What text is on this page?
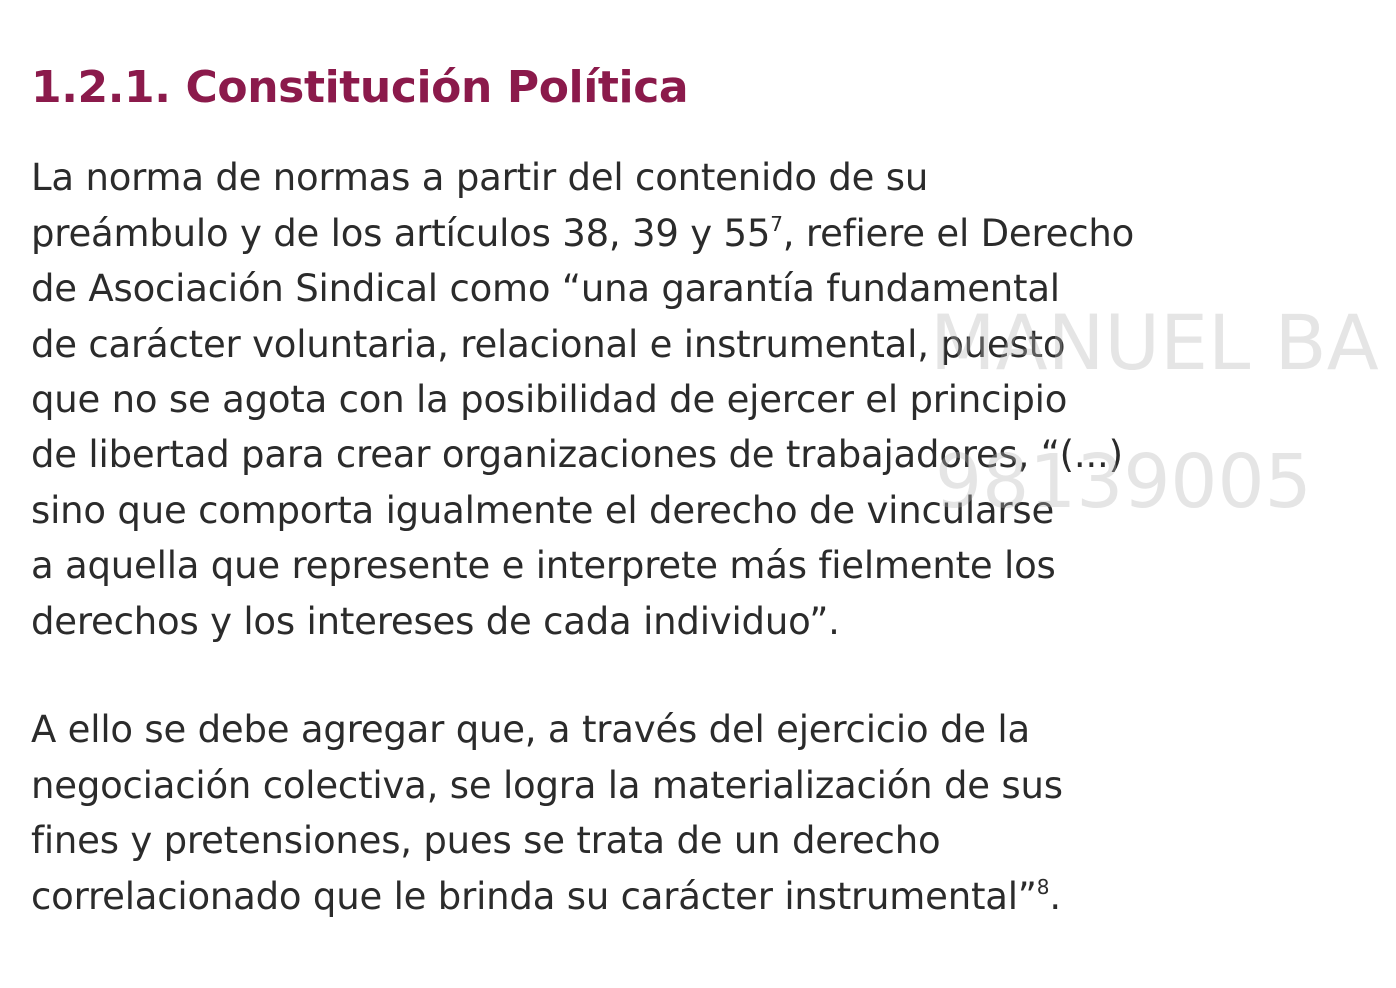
1.2.1. Constitución Política

La norma de normas a partir del contenido de su

preámbulo y de los artículos 38, 39 y $55^7$, refiere el Derecho

de Asociación Sindical como “una garantía fundamental

de carácter voluntaria, relacional e instrumental, puesto

que no se agota con la posibilidad de ejercer el principio

de libertad para crear organizaciones de trabajadores, “(...)

sino que comporta igualmente el derecho de vincularse

a aquella que represente e interprete más fielmente los

derechos y los intereses de cada individuo”.

A ello se debe agregar que, a través del ejercicio de la

negociación colectiva, se logra la materialización de sus

fines y pretensiones, pues se trata de un derecho

correlacionado que le brinda su carácter instrumental”$^8$.

MANUEL BA
98139005
